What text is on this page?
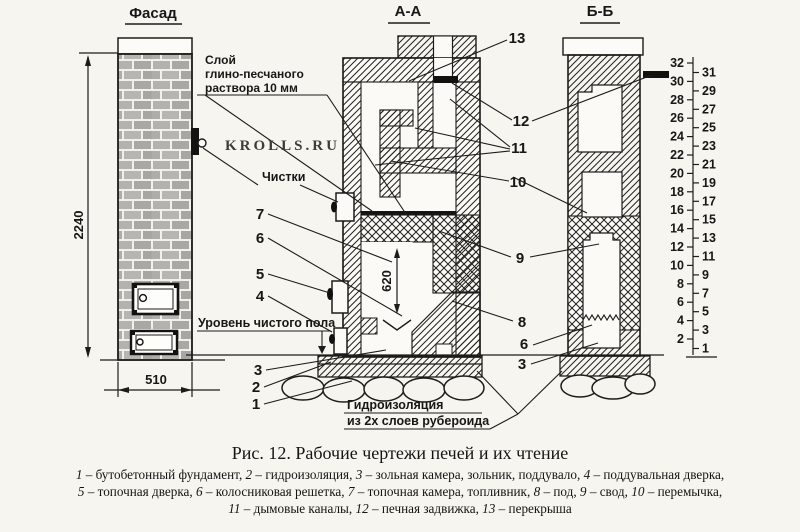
Фасад
2240
510
А-А
620
Б-Б
32
30
28
26
24
22
20
18
16
14
12
10
8
6
4
2
31
29
27
25
23
21
19
17
15
13
11
9
7
5
3
1
Слой
глино-песчаного
раствора 10 мм
KROLLS.RU
Чистки
Уровень чистого пола
Гидроизоляция
из 2х слоев рубероида
7
6
5
4
3
2
1
13
12
11
10
9
8
6
3
Рис. 12. Рабочие чертежи печей и их чтение
1 – бутобетонный фундамент, 2 – гидроизоляция, 3 – зольная камера, зольник, поддувало, 4 – поддувальная дверка,
5 – топочная дверка, 6 – колосниковая решетка, 7 – топочная камера, топливник, 8 – под, 9 – свод, 10 – перемычка,
11 – дымовые каналы, 12 – печная задвижка, 13 – перекрыша
